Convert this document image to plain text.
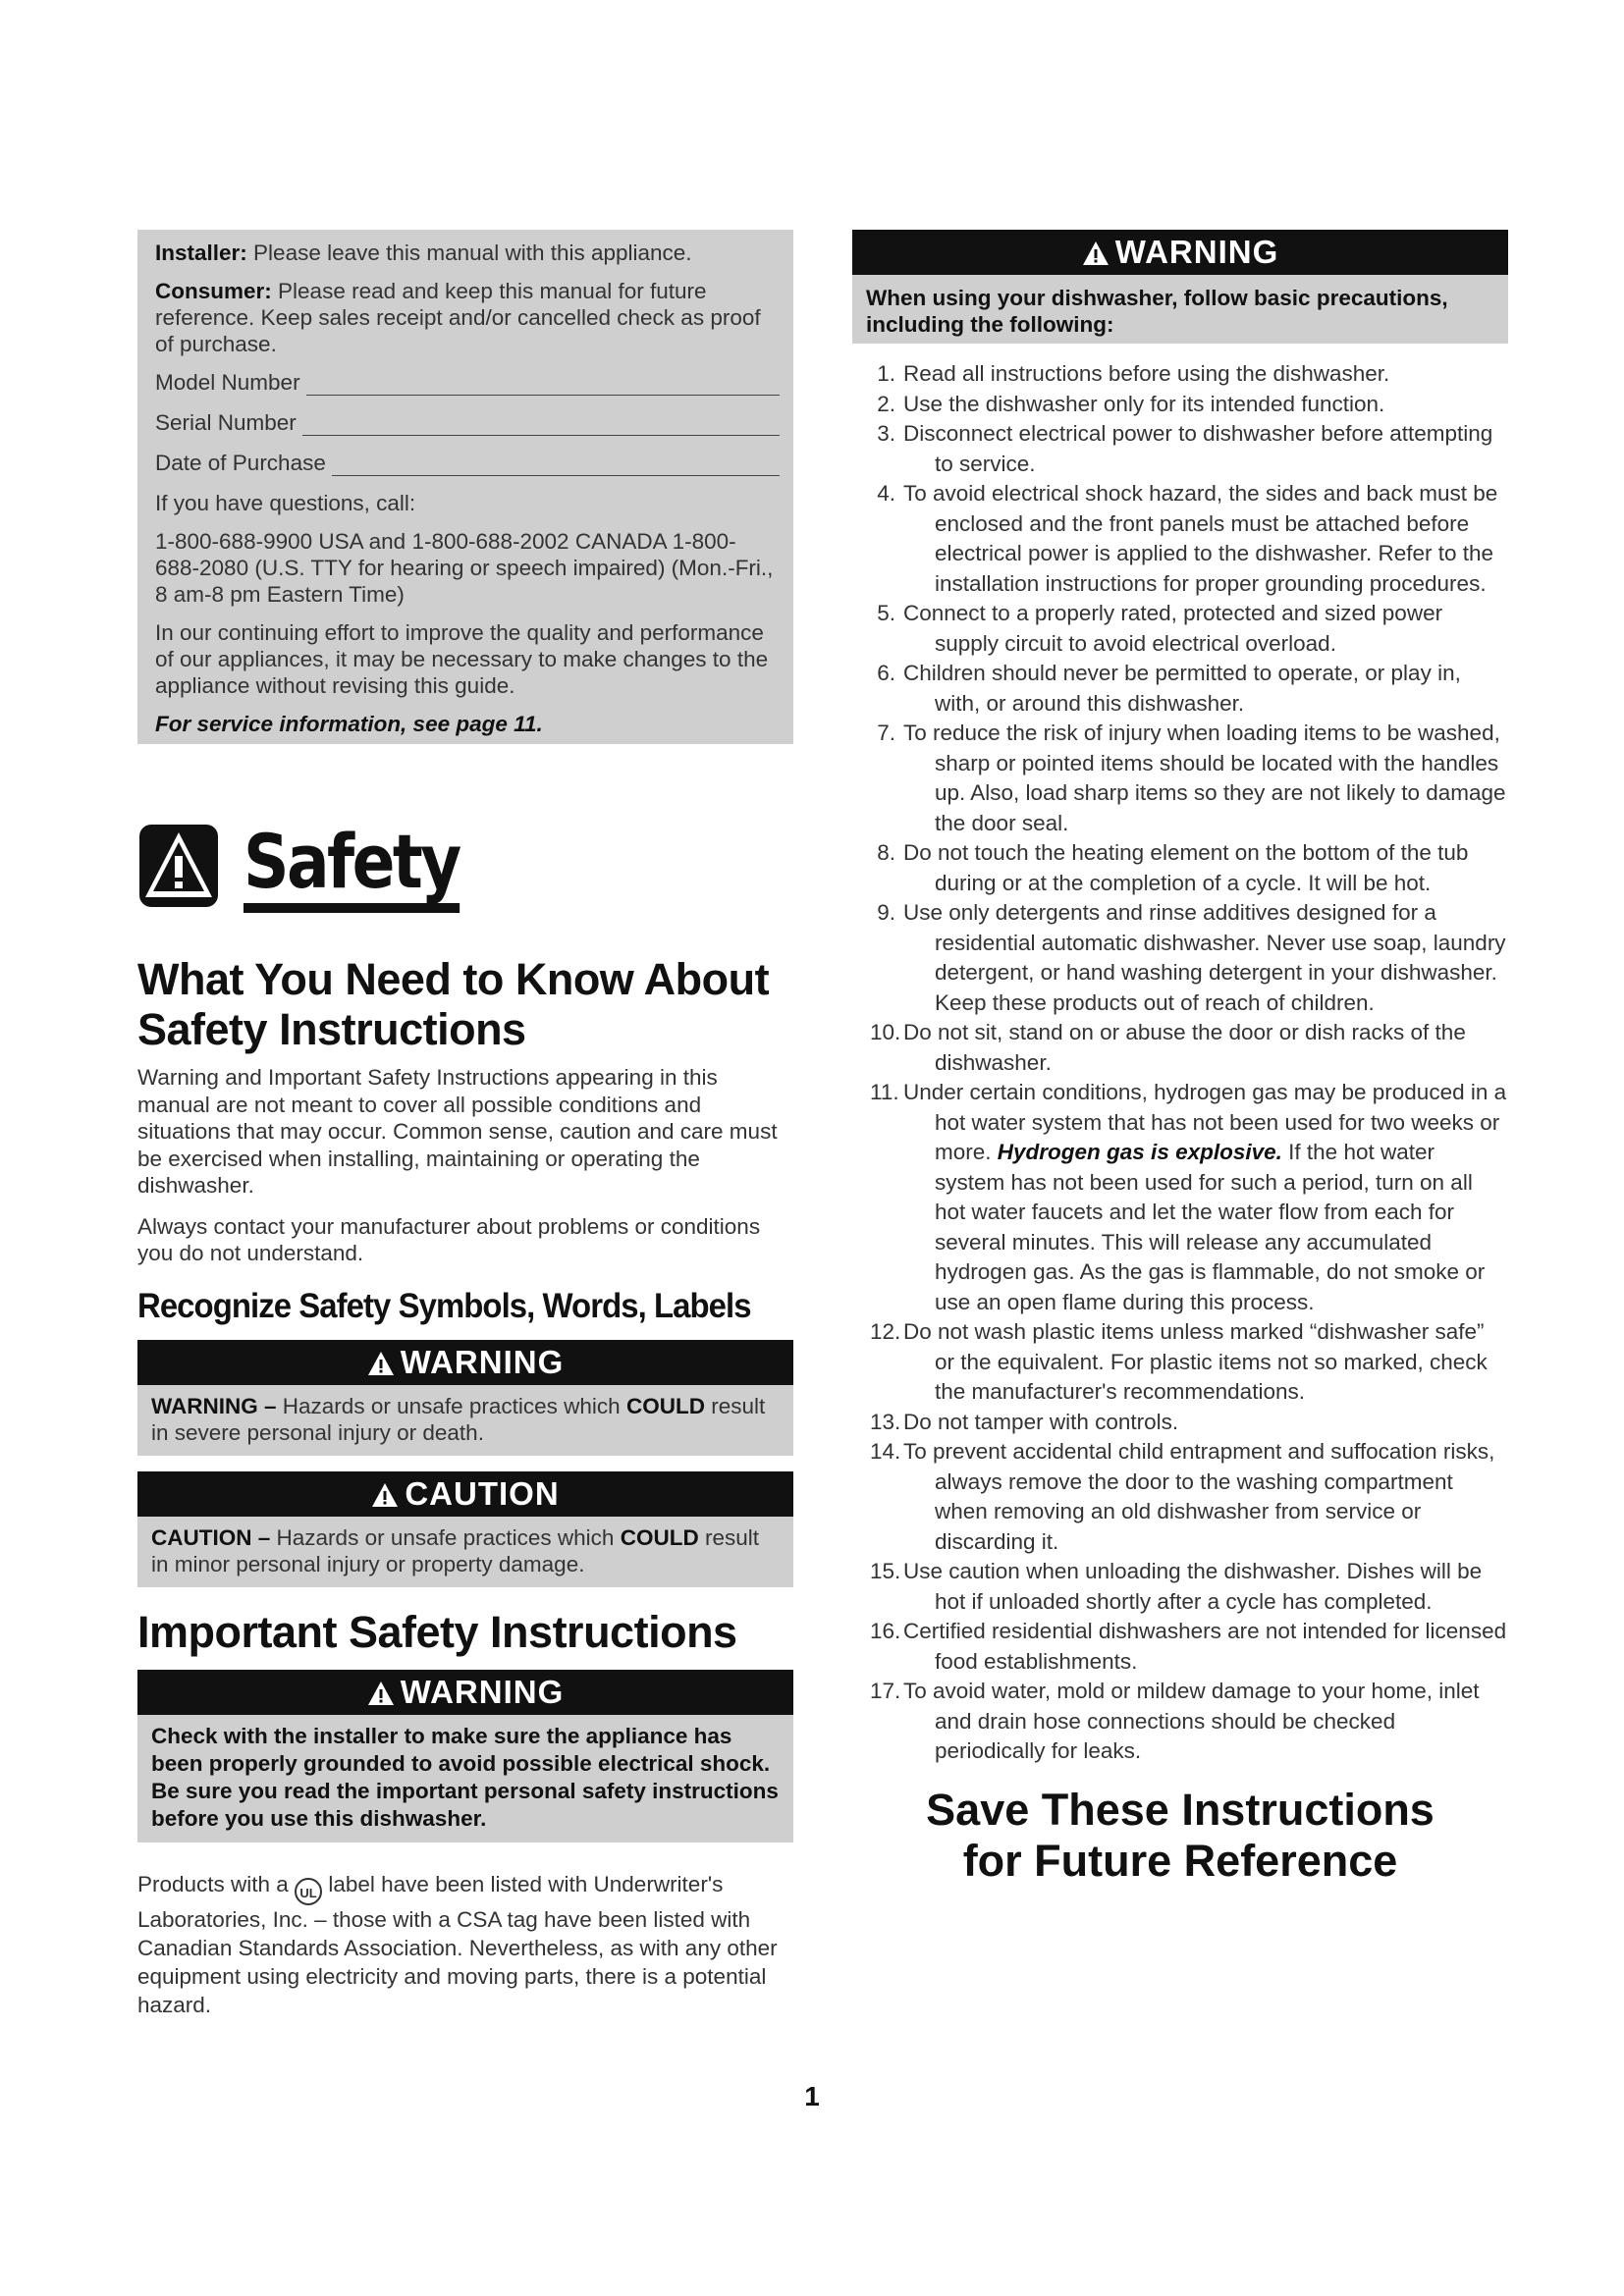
Installer: Please leave this manual with this appliance.

Consumer: Please read and keep this manual for future reference. Keep sales receipt and/or cancelled check as proof of purchase.

Model Number
Serial Number
Date of Purchase

If you have questions, call:

1-800-688-9900 USA and 1-800-688-2002 CANADA 1-800-688-2080 (U.S. TTY for hearing or speech impaired) (Mon.-Fri., 8 am-8 pm Eastern Time)

In our continuing effort to improve the quality and performance of our appliances, it may be necessary to make changes to the appliance without revising this guide.

For service information, see page 11.

Safety
What You Need to Know About Safety Instructions

Warning and Important Safety Instructions appearing in this manual are not meant to cover all possible conditions and situations that may occur. Common sense, caution and care must be exercised when installing, maintaining or operating the dishwasher.

Always contact your manufacturer about problems or conditions you do not understand.

Recognize Safety Symbols, Words, Labels
WARNING
WARNING – Hazards or unsafe practices which COULD result in severe personal injury or death.
CAUTION
CAUTION – Hazards or unsafe practices which COULD result in minor personal injury or property damage.
Important Safety Instructions
WARNING
Check with the installer to make sure the appliance has been properly grounded to avoid possible electrical shock. Be sure you read the important personal safety instructions before you use this dishwasher.

Products with a UL label have been listed with Underwriter's Laboratories, Inc. – those with a CSA tag have been listed with Canadian Standards Association. Nevertheless, as with any other equipment using electricity and moving parts, there is a potential hazard.

WARNING
When using your dishwasher, follow basic precautions, including the following:
1. Read all instructions before using the dishwasher.
2. Use the dishwasher only for its intended function.
3. Disconnect electrical power to dishwasher before attempting to service.
4. To avoid electrical shock hazard, the sides and back must be enclosed and the front panels must be attached before electrical power is applied to the dishwasher. Refer to the installation instructions for proper grounding procedures.
5. Connect to a properly rated, protected and sized power supply circuit to avoid electrical overload.
6. Children should never be permitted to operate, or play in, with, or around this dishwasher.
7. To reduce the risk of injury when loading items to be washed, sharp or pointed items should be located with the handles up. Also, load sharp items so they are not likely to damage the door seal.
8. Do not touch the heating element on the bottom of the tub during or at the completion of a cycle. It will be hot.
9. Use only detergents and rinse additives designed for a residential automatic dishwasher. Never use soap, laundry detergent, or hand washing detergent in your dishwasher. Keep these products out of reach of children.
10. Do not sit, stand on or abuse the door or dish racks of the dishwasher.
11. Under certain conditions, hydrogen gas may be produced in a hot water system that has not been used for two weeks or more. Hydrogen gas is explosive. If the hot water system has not been used for such a period, turn on all hot water faucets and let the water flow from each for several minutes. This will release any accumulated hydrogen gas. As the gas is flammable, do not smoke or use an open flame during this process.
12. Do not wash plastic items unless marked “dishwasher safe” or the equivalent. For plastic items not so marked, check the manufacturer's recommendations.
13. Do not tamper with controls.
14. To prevent accidental child entrapment and suffocation risks, always remove the door to the washing compartment when removing an old dishwasher from service or discarding it.
15. Use caution when unloading the dishwasher. Dishes will be hot if unloaded shortly after a cycle has completed.
16. Certified residential dishwashers are not intended for licensed food establishments.
17. To avoid water, mold or mildew damage to your home, inlet and drain hose connections should be checked periodically for leaks.
Save These Instructions
for Future Reference
1
